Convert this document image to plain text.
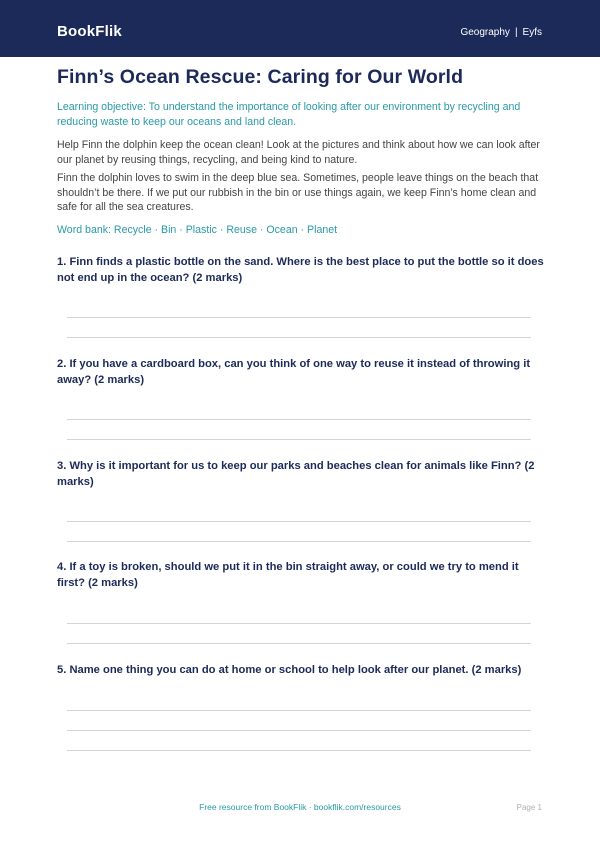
BookFlik	Geography | Eyfs
Finn’s Ocean Rescue: Caring for Our World

Learning objective: To understand the importance of looking after our environment by recycling and reducing waste to keep our oceans and land clean.

Help Finn the dolphin keep the ocean clean! Look at the pictures and think about how we can look after our planet by reusing things, recycling, and being kind to nature.

Finn the dolphin loves to swim in the deep blue sea. Sometimes, people leave things on the beach that shouldn’t be there. If we put our rubbish in the bin or use things again, we keep Finn’s home clean and safe for all the sea creatures.

Word bank: Recycle · Bin · Plastic · Reuse · Ocean · Planet

1. Finn finds a plastic bottle on the sand. Where is the best place to put the bottle so it does not end up in the ocean? (2 marks)
2. If you have a cardboard box, can you think of one way to reuse it instead of throwing it away? (2 marks)
3. Why is it important for us to keep our parks and beaches clean for animals like Finn? (2 marks)
4. If a toy is broken, should we put it in the bin straight away, or could we try to mend it first? (2 marks)
5. Name one thing you can do at home or school to help look after our planet. (2 marks)
Free resource from BookFlik · bookflik.com/resources	Page 1
